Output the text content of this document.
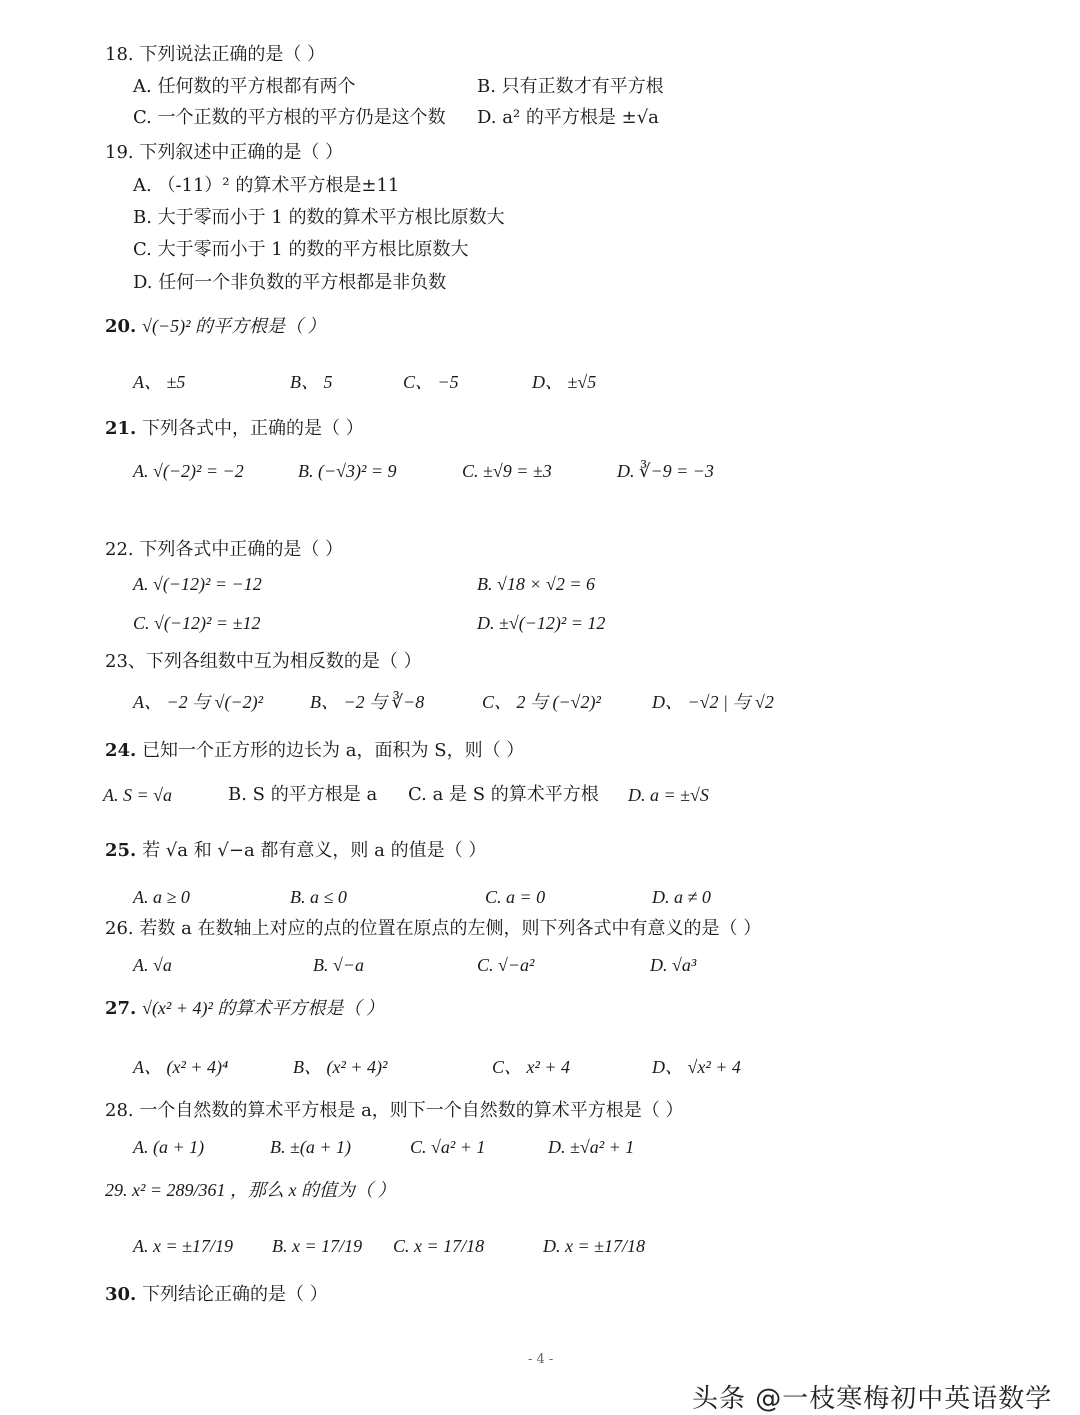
18. 下列说法正确的是（ ）
A. 任何数的平方根都有两个	B. 只有正数才有平方根
C. 一个正数的平方根的平方仍是这个数 D. a² 的平方根是 ±√a
19. 下列叙述中正确的是（ ）
A. （-11）² 的算术平方根是±11
B. 大于零而小于 1 的数的算术平方根比原数大
C. 大于零而小于 1 的数的平方根比原数大
D. 任何一个非负数的平方根都是非负数
20. √(−5)² 的平方根是（ ）
A、 ±5	B、 5	C、 −5	D、 ±√5
21. 下列各式中，正确的是（ ）
A. √(−2)² = −2	B. (−√3)² = 9	C. ±√9 = ±3	D. ∛−9 = −3
22. 下列各式中正确的是（ ）
A. √(−12)² = −12	B. √18 × √2 = 6
C. √(−12)² = ±12	D. ±√(−12)² = 12
23、下列各组数中互为相反数的是（ ）
A、 −2 与 √(−2)²	B、 −2 与 ∛−8	C、 2 与 (−√2)²	D、 −√2 | 与 √2
24. 已知一个正方形的边长为 a，面积为 S，则（ ）
A. S = √a	B. S 的平方根是 a C. a 是 S 的算术平方根 D. a = ±√S
25. 若 √a 和 √−a 都有意义，则 a 的值是（ ）
A. a ≥ 0	B. a ≤ 0	C. a = 0	D. a ≠ 0
26. 若数 a 在数轴上对应的点的位置在原点的左侧，则下列各式中有意义的是（ ）
A. √a	B. √−a	C. √−a²	D. √a³
27. √(x² + 4)² 的算术平方根是（ ）
A、 (x² + 4)⁴	B、 (x² + 4)²	C、 x² + 4	D、 √x² + 4
28. 一个自然数的算术平方根是 a，则下一个自然数的算术平方根是（ ）
A. (a + 1)	B. ±(a + 1)	C. √a² + 1	D. ±√a² + 1
29. x² = 289/361 ，那么 x 的值为（ ）
A. x = ±17/19 B. x = 17/19 C. x = 17/18	D. x = ±17/18
30. 下列结论正确的是（ ）
- 4 -
头条 @一枝寒梅初中英语数学
